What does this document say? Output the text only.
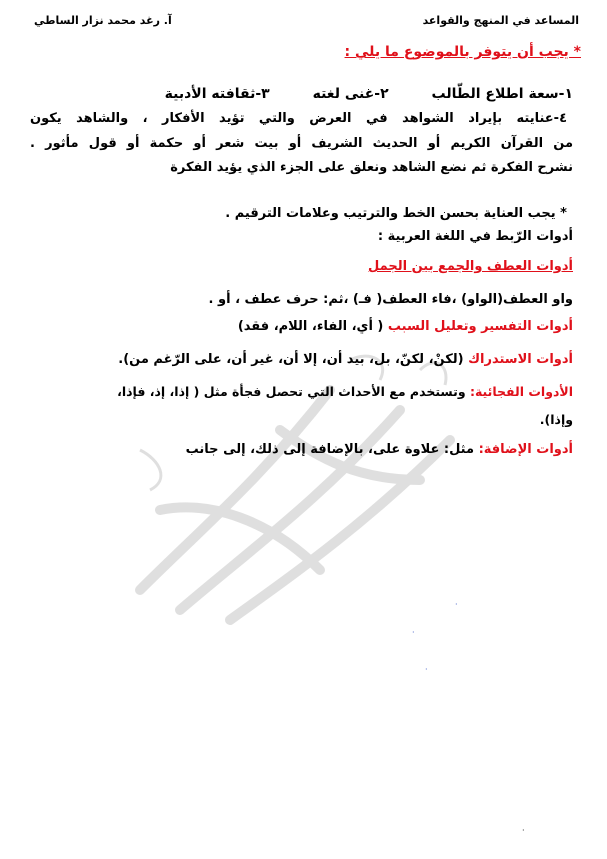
المساعد في المنهج والقواعد
آ. رغد محمد نزار الساطي
* يجب أن يتوفر بالموضوع ما يلي :
١-سعة اطلاع الطّالب ٢-غنى لغته ٣-ثقافته الأدبية
٤-عنايته بإيراد الشواهد في العرض والتي تؤيد الأفكار ، والشاهد يكون
من القرآن الكريم أو الحديث الشريف أو بيت شعر أو حكمة أو قول مأثور .
نشرح الفكرة ثم نضع الشاهد ونعلق على الجزء الذي يؤيد الفكرة
* يجب العناية بحسن الخط والترتيب وعلامات الترقيم .
أدوات الرّبط في اللغة العربية :
أدوات العطف والجمع بين الجمل
واو العطف(الواو) ،فاء العطف( فـ) ،ثم: حرف عطف ، أو .
أدوات التفسير وتعليل السبب ( أي، الفاء، اللام، فقد)
أدوات الاستدراك (لكنْ، لكنّ، بل، بيد أن، إلا أن، غير أن، على الرّغم من).
الأدوات الفجائية: وتستخدم مع الأحداث التي تحصل فجأة مثل ( إذا، إذ، فإذا،
وإذا).
أدوات الإضافة: مثل: علاوة على، بالإضافة إلى ذلك، إلى جانب
·
·
·
·
